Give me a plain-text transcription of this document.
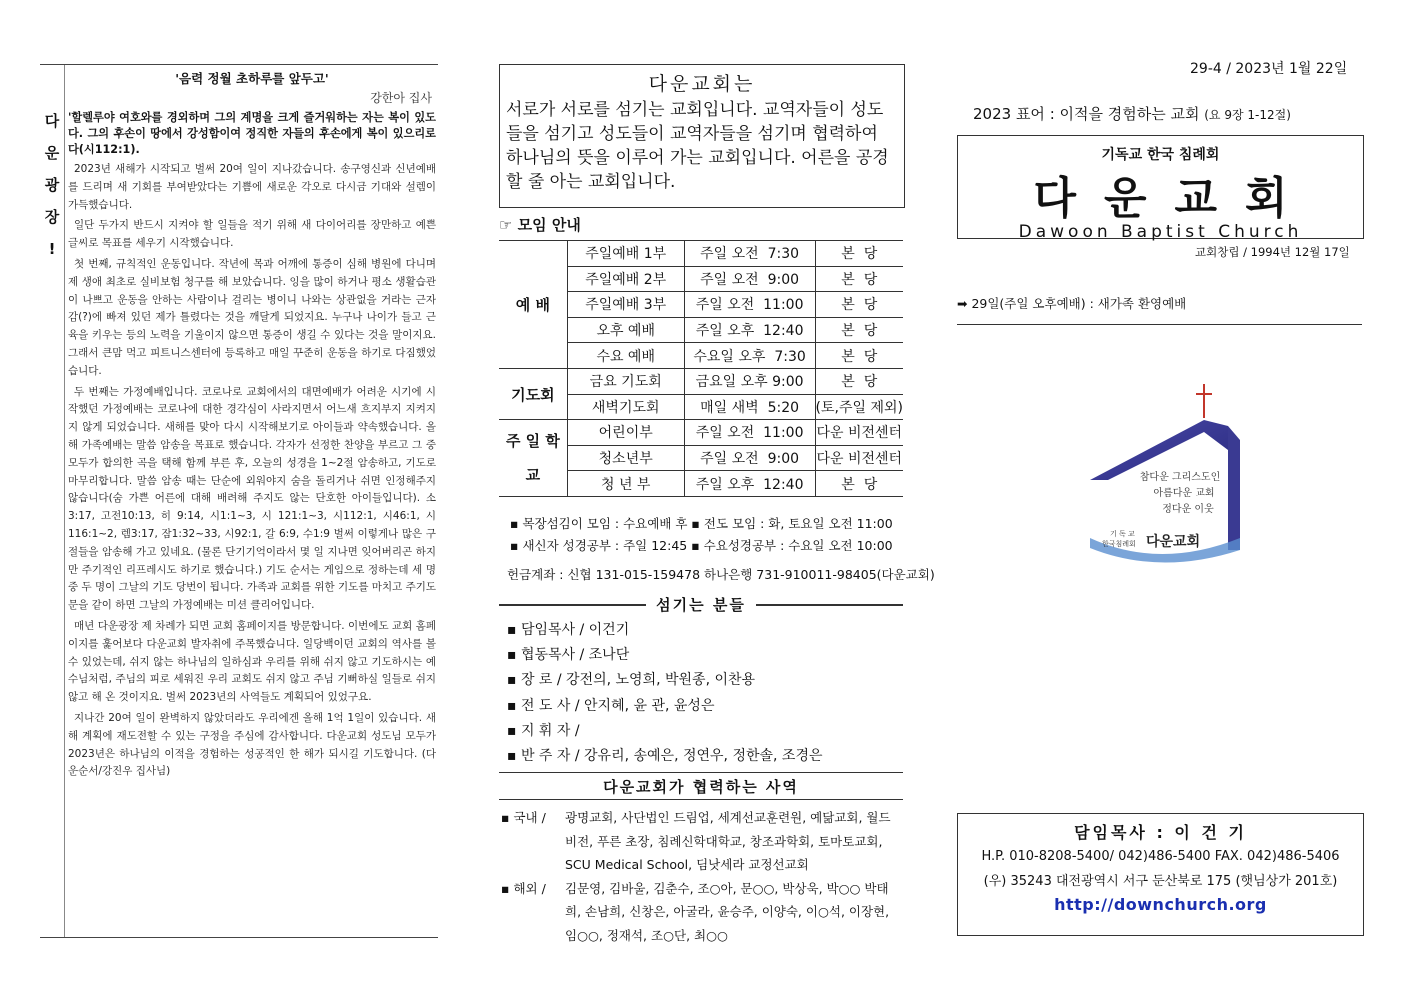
다
운
광
장
!

'음력 정월 초하루를 앞두고'

강한아 집사

'할렐루야 여호와를 경외하며 그의 계명을 크게 즐거워하는 자는 복이 있도다. 그의 후손이 땅에서 강성함이여 정직한 자들의 후손에게 복이 있으리로다(시112:1).

2023년 새해가 시작되고 벌써 20여 일이 지나갔습니다. 송구영신과 신년예배를 드리며 새 기회를 부여받았다는 기쁨에 새로운 각오로 다시금 기대와 설렘이 가득했습니다.

일단 두가지 반드시 지켜야 할 일들을 적기 위해 새 다이어리를 장만하고 예쁜 글씨로 목표를 세우기 시작했습니다.

첫 번째, 규칙적인 운동입니다. 작년에 목과 어깨에 통증이 심해 병원에 다니며 제 생애 최초로 실비보험 청구를 해 보았습니다. 잉을 많이 하거나 평소 생활습관이 나쁘고 운동을 안하는 사람이나 걸리는 병이니 나와는 상관없을 거라는 근자감(?)에 빠져 있던 제가 틀렸다는 것을 깨달게 되었지요. 누구나 나이가 들고 근육을 키우는 등의 노력을 기울이지 않으면 통증이 생길 수 있다는 것을 말이지요. 그래서 큰맘 먹고 피트니스센터에 등록하고 매일 꾸준히 운동을 하기로 다짐했었습니다.

두 번째는 가정예배입니다. 코로나로 교회에서의 대면예배가 어려운 시기에 시작했던 가정예배는 코로나에 대한 경각심이 사라지면서 어느새 흐지부지 지켜지지 않게 되었습니다. 새해를 맞아 다시 시작해보기로 아이들과 약속했습니다. 올해 가족예배는 말씀 암송을 목표로 했습니다. 각자가 선정한 찬양을 부르고 그 중 모두가 합의한 곡을 택해 함께 부른 후, 오늘의 성경을 1~2절 암송하고, 기도로 마무리합니다. 말씀 암송 때는 단순에 외워야지 숨을 돌리거나 쉬면 인정해주지 않습니다(숨 가쁜 어른에 대해 배려해 주지도 않는 단호한 아이들입니다). 소3:17, 고전10:13, 히 9:14, 시1:1~3, 시 121:1~3, 시112:1, 시46:1, 시 116:1~2, 렘3:17, 잠1:32~33, 시92:1, 갈 6:9, 수1:9 벌써 이렇게나 많은 구절들을 암송해 가고 있네요. (물론 단기기억이라서 몇 일 지나면 잊어버리곤 하지만 주기적인 리프레시도 하기로 했습니다.) 기도 순서는 게임으로 정하는데 세 명 중 두 명이 그날의 기도 당번이 됩니다. 가족과 교회를 위한 기도를 마치고 주기도문을 같이 하면 그날의 가정예배는 미션 클리어입니다.

매년 다운광장 제 차례가 되면 교회 홈페이지를 방문합니다. 이번에도 교회 홈페이지를 훑어보다 다운교회 발자취에 주목했습니다. 일당백이던 교회의 역사를 볼 수 있었는데, 쉬지 않는 하나님의 일하심과 우리를 위해 쉬지 않고 기도하시는 예수님처럼, 주님의 피로 세워진 우리 교회도 쉬지 않고 주님 기뻐하실 일들로 쉬지 않고 해 온 것이지요. 벌써 2023년의 사역들도 계획되어 있었구요.

지나간 20여 일이 완벽하지 않았더라도 우리에겐 올해 1억 1일이 있습니다. 새해 계획에 재도전할 수 있는 구정을 주심에 감사합니다. 다운교회 성도님 모두가 2023년은 하나님의 이적을 경험하는 성공적인 한 해가 되시길 기도합니다. (다운순서/강진우 집사님)

다운교회는
서로가 서로를 섬기는 교회입니다. 교역자들이 성도들을 섬기고 성도들이 교역자들을 섬기며 협력하여 하나님의 뜻을 이루어 가는 교회입니다. 어른을 공경할 줄 아는 교회입니다.
☞ 모임 안내
예 배	주일예배 1부	주일 오전  7:30	본  당
	주일예배 2부	주일 오전  9:00	본  당
	주일예배 3부	주일 오전  11:00	본  당
	오후 예배	주일 오후  12:40	본  당
	수요 예배	수요일 오후  7:30	본  당
기도회	금요 기도회	금요일 오후 9:00	본  당
	새벽기도회	매일 새벽  5:20	(토,주일 제외)
주 일 학 교	어린이부	주일 오전  11:00	다운 비전센터
	청소년부	주일 오전  9:00	다운 비전센터
	청 년 부	주일 오후  12:40	본  당
▪ 목장섬김이 모임 : 수요예배 후 ▪ 전도 모임 : 화, 토요일 오전 11:00
▪ 새신자 성경공부 : 주일 12:45 ▪ 수요성경공부 : 수요일 오전 10:00
헌금계좌 : 신협 131-015-159478 하나은행 731-910011-98405(다운교회)
섬기는 분들
▪ 담임목사 / 이건기
▪ 협동목사 / 조나단
▪ 장 로 / 강전의, 노영희, 박원종, 이찬용
▪ 전 도 사 / 안지혜, 윤 관, 윤성은
▪ 지 휘 자 /
▪ 반 주 자 / 강유리, 송예은, 정연우, 정한솔, 조경은
다운교회가 협력하는 사역
▪ 국내 /	광명교회, 사단법인 드림업, 세계선교훈련원, 예닮교회, 월드비전, 푸른 초장, 침례신학대학교, 창조과학회, 토마토교회, SCU Medical School, 딤낫세라 교정선교회
▪ 해외 /	김문영, 김바울, 김춘수, 조○아, 문○○, 박상욱, 박○○ 박태희, 손남희, 신창은, 아굴라, 윤승주, 이양숙, 이○석, 이장현, 임○○, 정재석, 조○단, 최○○
29-4 / 2023년 1월 22일
2023 표어 : 이적을 경험하는 교회 (요 9장 1-12절)
기독교 한국 침례회
다운교회
Dawoon Baptist Church
교회창립 / 1994년 12월 17일
➡ 29일(주일 오후예배) : 새가족 환영예배
참다운 그리스도인
아름다운 교회
정다운 이웃
기 독 교
한국침례회 다운교회
담임목사 : 이 건 기
H.P. 010-8208-5400/ 042)486-5400 FAX. 042)486-5406
(우) 35243 대전광역시 서구 둔산북로 175 (햇님상가 201호)
http://downchurch.org
